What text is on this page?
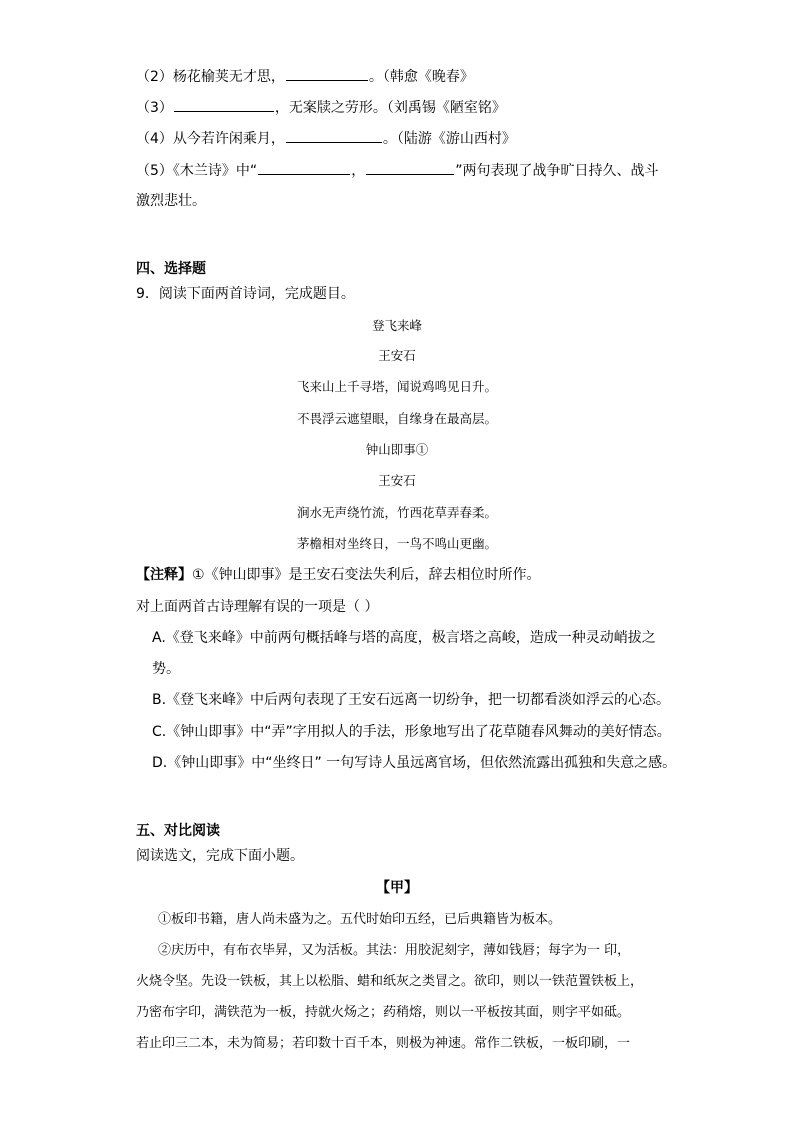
（2）杨花榆荚无才思，	。（韩愈《晚春》
（3）	，无案牍之劳形。（刘禹锡《陋室铭》
（4）从今若许闲乘月，	。（陆游《游山西村》
（5）《木兰诗》中“	，	”两句表现了战争旷日持久、战斗
激烈悲壮。
四、选择题
9．阅读下面两首诗词，完成题目。
登飞来峰
王安石
飞来山上千寻塔，闻说鸡鸣见日升。
不畏浮云遮望眼，自缘身在最高层。
钟山即事①
王安石
涧水无声绕竹流，竹西花草弄春柔。
茅檐相对坐终日，一鸟不鸣山更幽。
【注释】①《钟山即事》是王安石变法失利后，辞去相位时所作。
对上面两首古诗理解有误的一项是（ ）
A.《登飞来峰》中前两句概括峰与塔的高度，极言塔之高峻，造成一种灵动峭拔之
势。
B.《登飞来峰》中后两句表现了王安石远离一切纷争，把一切都看淡如浮云的心态。
C.《钟山即事》中“弄”字用拟人的手法，形象地写出了花草随春风舞动的美好情态。
D.《钟山即事》中“坐终日” 一句写诗人虽远离官场，但依然流露出孤独和失意之感。
五、对比阅读
阅读选文，完成下面小题。
【甲】
①板印书籍，唐人尚未盛为之。五代时始印五经，已后典籍皆为板本。
②庆历中，有布衣毕昇，又为活板。其法：用胶泥刻字，薄如钱唇；每字为一 印，
火烧令坚。先设一铁板，其上以松脂、蜡和纸灰之类冒之。欲印，则以一铁范置铁板上，
乃密布字印，满铁范为一板，持就火炀之；药稍熔，则以一平板按其面，则字平如砥。
若止印三二本，未为简易；若印数十百千本，则极为神速。常作二铁板，一板印刷，一
